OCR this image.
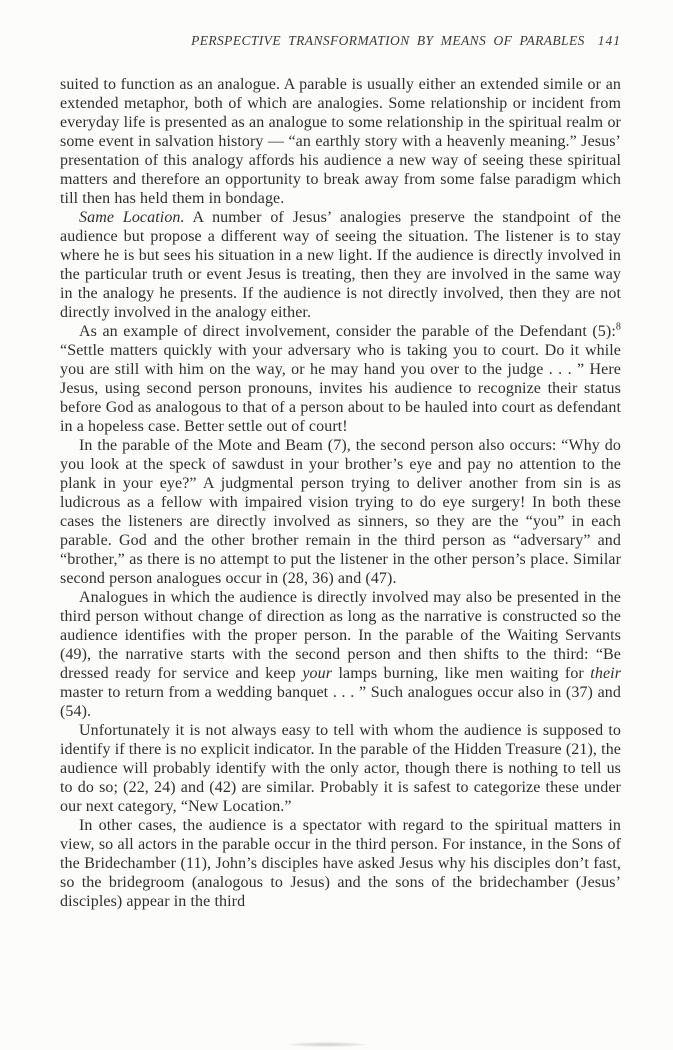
PERSPECTIVE TRANSFORMATION BY MEANS OF PARABLES 141

suited to function as an analogue. A parable is usually either an extended simile or an extended metaphor, both of which are analogies. Some relationship or incident from everyday life is presented as an analogue to some relationship in the spiritual realm or some event in salvation history — “an earthly story with a heavenly meaning.” Jesus’ presentation of this analogy affords his audience a new way of seeing these spiritual matters and therefore an opportunity to break away from some false paradigm which till then has held them in bondage.

Same Location. A number of Jesus’ analogies preserve the standpoint of the audience but propose a different way of seeing the situation. The listener is to stay where he is but sees his situation in a new light. If the audience is directly involved in the particular truth or event Jesus is treating, then they are involved in the same way in the analogy he presents. If the audience is not directly involved, then they are not directly involved in the analogy either.

As an example of direct involvement, consider the parable of the Defendant (5):$^8$ “Settle matters quickly with your adversary who is taking you to court. Do it while you are still with him on the way, or he may hand you over to the judge . . . ” Here Jesus, using second person pronouns, invites his audience to recognize their status before God as analogous to that of a person about to be hauled into court as defendant in a hopeless case. Better settle out of court!

In the parable of the Mote and Beam (7), the second person also occurs: “Why do you look at the speck of sawdust in your brother’s eye and pay no attention to the plank in your eye?” A judgmental person trying to deliver another from sin is as ludicrous as a fellow with impaired vision trying to do eye surgery! In both these cases the listeners are directly involved as sinners, so they are the “you” in each parable. God and the other brother remain in the third person as “adversary” and “brother,” as there is no attempt to put the listener in the other person’s place. Similar second person analogues occur in (28, 36) and (47).

Analogues in which the audience is directly involved may also be presented in the third person without change of direction as long as the narrative is constructed so the audience identifies with the proper person. In the parable of the Waiting Servants (49), the narrative starts with the second person and then shifts to the third: “Be dressed ready for service and keep your lamps burning, like men waiting for their master to return from a wedding banquet . . . ” Such analogues occur also in (37) and (54).

Unfortunately it is not always easy to tell with whom the audience is supposed to identify if there is no explicit indicator. In the parable of the Hidden Treasure (21), the audience will probably identify with the only actor, though there is nothing to tell us to do so; (22, 24) and (42) are similar. Probably it is safest to categorize these under our next category, “New Location.”

In other cases, the audience is a spectator with regard to the spiritual matters in view, so all actors in the parable occur in the third person. For instance, in the Sons of the Bridechamber (11), John’s disciples have asked Jesus why his disciples don’t fast, so the bridegroom (analogous to Jesus) and the sons of the bridechamber (Jesus’ disciples) appear in the third
